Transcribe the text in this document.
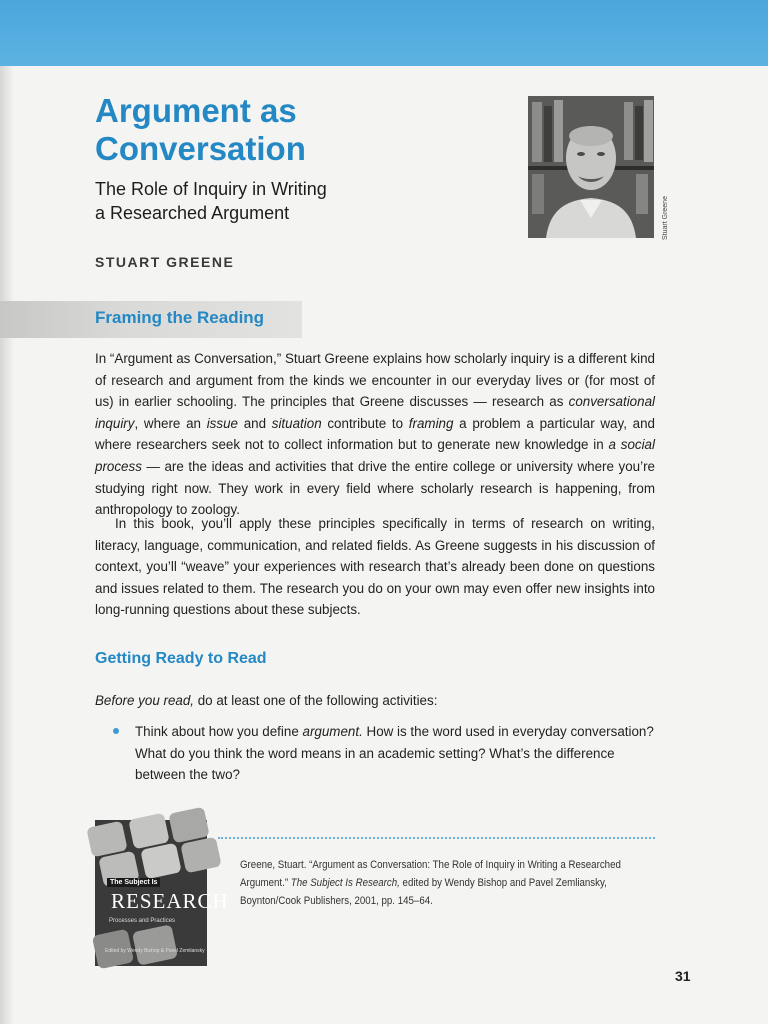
Argument as
Conversation

The Role of Inquiry in Writing
a Researched Argument

STUART GREENE
Stuart Greene
Framing the Reading

In “Argument as Conversation,” Stuart Greene explains how scholarly inquiry is a different kind of research and argument from the kinds we encounter in our everyday lives or (for most of us) in earlier schooling. The principles that Greene discusses — research as conversational inquiry, where an issue and situation contribute to framing a problem a particular way, and where researchers seek not to collect information but to generate new knowledge in a social process — are the ideas and activities that drive the entire college or university where you’re studying right now. They work in every field where scholarly research is happening, from anthropology to zoology.

In this book, you’ll apply these principles specifically in terms of research on writing, literacy, language, communication, and related fields. As Greene suggests in his discussion of context, you’ll “weave” your experiences with research that’s already been done on questions and issues related to them. The research you do on your own may even offer new insights into long-running questions about these subjects.

Getting Ready to Read

Before you read, do at least one of the following activities:

Think about how you define argument. How is the word used in everyday conversation? What do you think the word means in an academic setting? What’s the difference between the two?
The Subject Is
RESEARCH
Processes and Practices
Edited by Wendy Bishop & Pavel Zemliansky

Greene, Stuart. “Argument as Conversation: The Role of Inquiry in Writing a Researched Argument.” The Subject Is Research, edited by Wendy Bishop and Pavel Zemliansky, Boynton/Cook Publishers, 2001, pp. 145–64.

31
